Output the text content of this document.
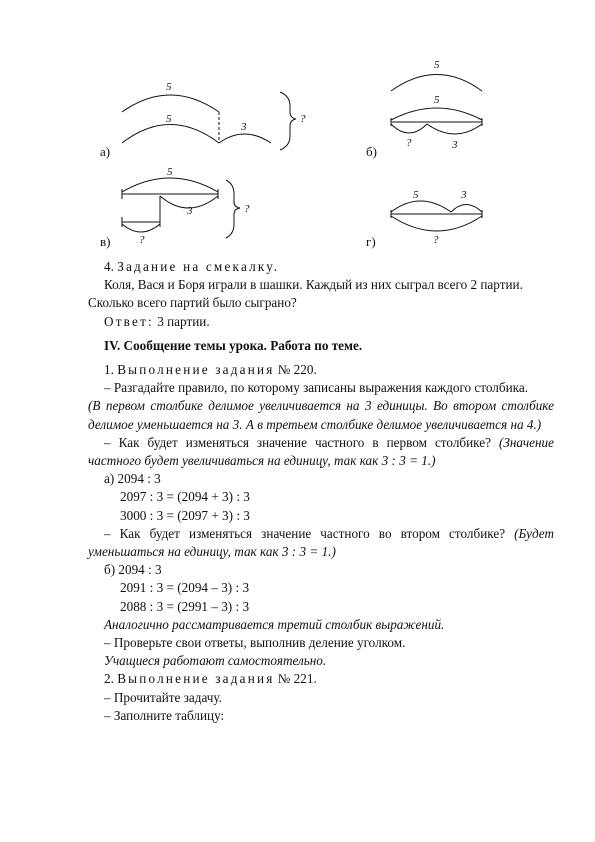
5
5
3
?
а)
5
5
?	3
б)
5
3	?
?
в)
5	3
?
г)

4. Задание на смекалку.

Коля, Вася и Боря играли в шашки. Каждый из них сыграл всего 2 партии.

Сколько всего партий было сыграно?

Ответ: 3 партии.

IV. Сообщение темы урока. Работа по теме.

1. Выполнение задания № 220.

– Разгадайте правило, по которому записаны выражения каждого столбика.

(В первом столбике делимое увеличивается на 3 единицы. Во втором столбике делимое уменьшается на 3. А в третьем столбике делимое увеличивается на 4.)

– Как будет изменяться значение частного в первом столбике? (Значение частного будет увеличиваться на единицу, так как 3 : 3 = 1.)

а) 2094 : 3

2097 : 3 = (2094 + 3) : 3

3000 : 3 = (2097 + 3) : 3

– Как будет изменяться значение частного во втором столбике? (Будет уменьшаться на единицу, так как 3 : 3 = 1.)

б) 2094 : 3

2091 : 3 = (2094 – 3) : 3

2088 : 3 = (2991 – 3) : 3

Аналогично рассматривается третий столбик выражений.

– Проверьте свои ответы, выполнив деление уголком.

Учащиеся работают самостоятельно.

2. Выполнение задания № 221.

– Прочитайте задачу.

– Заполните таблицу:
